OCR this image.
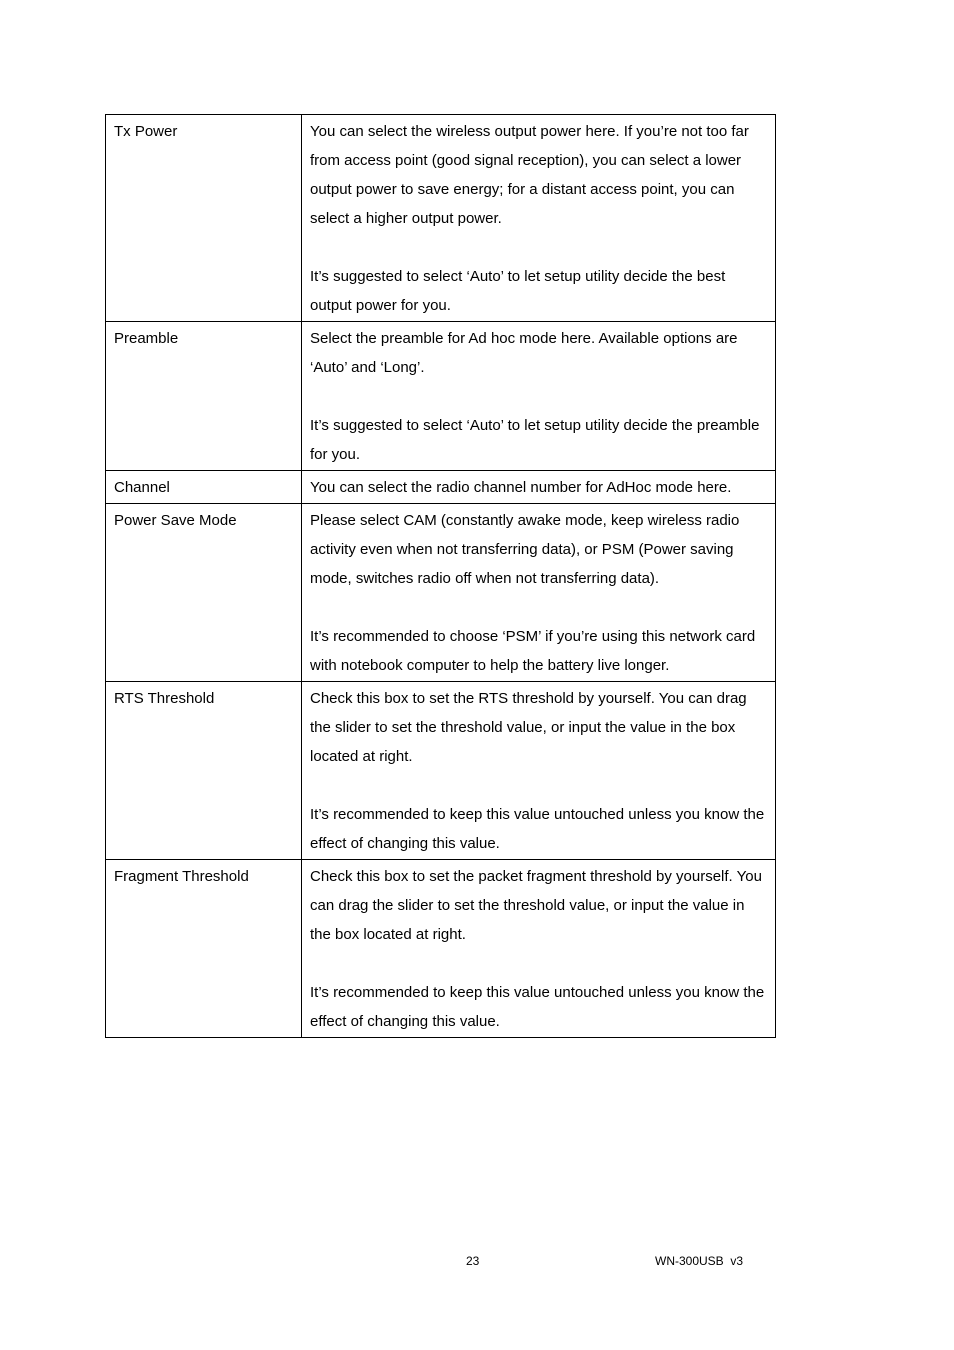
Tx Power	You can select the wireless output power here. If you’re not too far from access point (good signal reception), you can select a lower output power to save energy; for a distant access point, you can select a higher output power.

It’s suggested to select ‘Auto’ to let setup utility decide the best output power for you.

Preamble	Select the preamble for Ad hoc mode here. Available options are ‘Auto’ and ‘Long’.

It’s suggested to select ‘Auto’ to let setup utility decide the preamble for you.

Channel	You can select the radio channel number for AdHoc mode here.

Power Save Mode	Please select CAM (constantly awake mode, keep wireless radio activity even when not transferring data), or PSM (Power saving mode, switches radio off when not transferring data).

It’s recommended to choose ‘PSM’ if you’re using this network card with notebook computer to help the battery live longer.

RTS Threshold	Check this box to set the RTS threshold by yourself. You can drag the slider to set the threshold value, or input the value in the box located at right.

It’s recommended to keep this value untouched unless you know the effect of changing this value.

Fragment Threshold	Check this box to set the packet fragment threshold by yourself. You can drag the slider to set the threshold value, or input the value in the box located at right.

It’s recommended to keep this value untouched unless you know the effect of changing this value.

23	WN-300USB  v3
